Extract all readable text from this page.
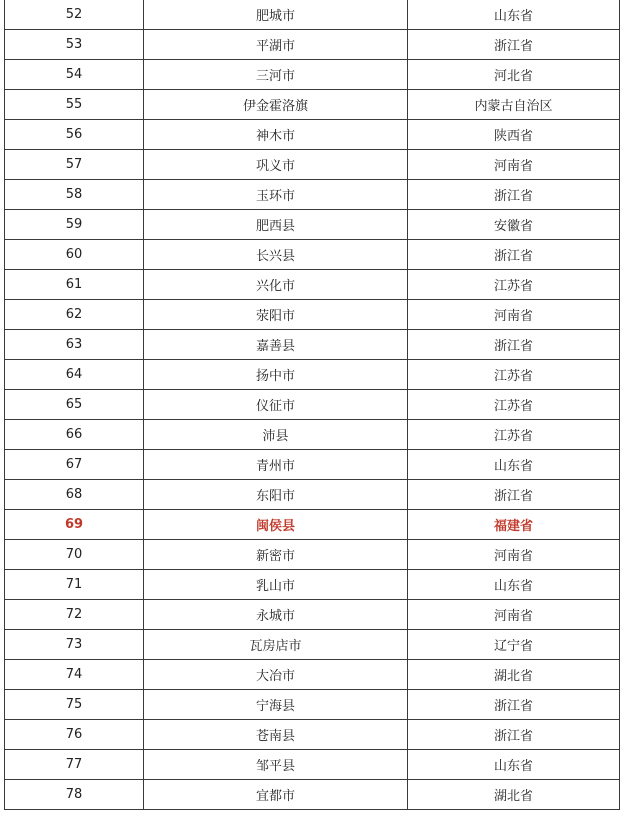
52	肥城市	山东省
53	平湖市	浙江省
54	三河市	河北省
55	伊金霍洛旗	内蒙古自治区
56	神木市	陕西省
57	巩义市	河南省
58	玉环市	浙江省
59	肥西县	安徽省
60	长兴县	浙江省
61	兴化市	江苏省
62	荥阳市	河南省
63	嘉善县	浙江省
64	扬中市	江苏省
65	仪征市	江苏省
66	沛县	江苏省
67	青州市	山东省
68	东阳市	浙江省
69	闽侯县	福建省
70	新密市	河南省
71	乳山市	山东省
72	永城市	河南省
73	瓦房店市	辽宁省
74	大冶市	湖北省
75	宁海县	浙江省
76	苍南县	浙江省
77	邹平县	山东省
78	宜都市	湖北省
